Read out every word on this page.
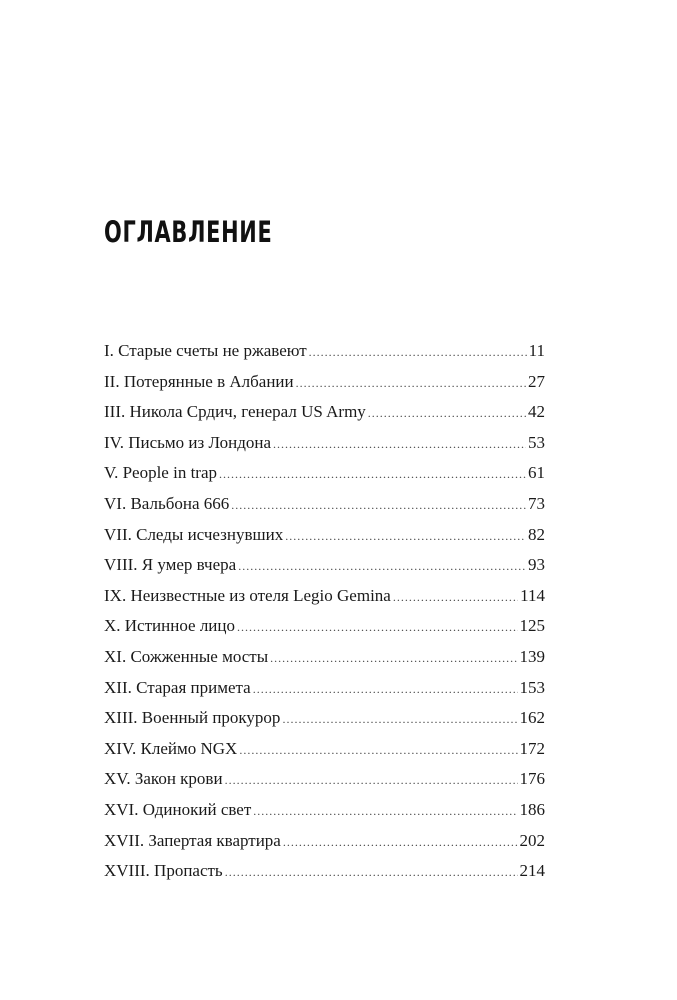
ОГЛАВЛЕНИЕ
I. Старые счеты не ржавеют .....	11
II. Потерянные в Албании .....	27
III. Никола Срдич, генерал US Army .....	42
IV. Письмо из Лондона .....	53
V. People in trap .....	61
VI. Вальбона 666 .....	73
VII. Следы исчезнувших .....	82
VIII. Я умер вчера .....	93
IX. Неизвестные из отеля Legio Gemina .....	114
X. Истинное лицо .....	125
XI. Сожженные мосты .....	139
XII. Старая примета .....	153
XIII. Военный прокурор .....	162
XIV. Клеймо NGX .....	172
XV. Закон крови .....	176
XVI. Одинокий свет .....	186
XVII. Запертая квартира .....	202
XVIII. Пропасть .....	214
